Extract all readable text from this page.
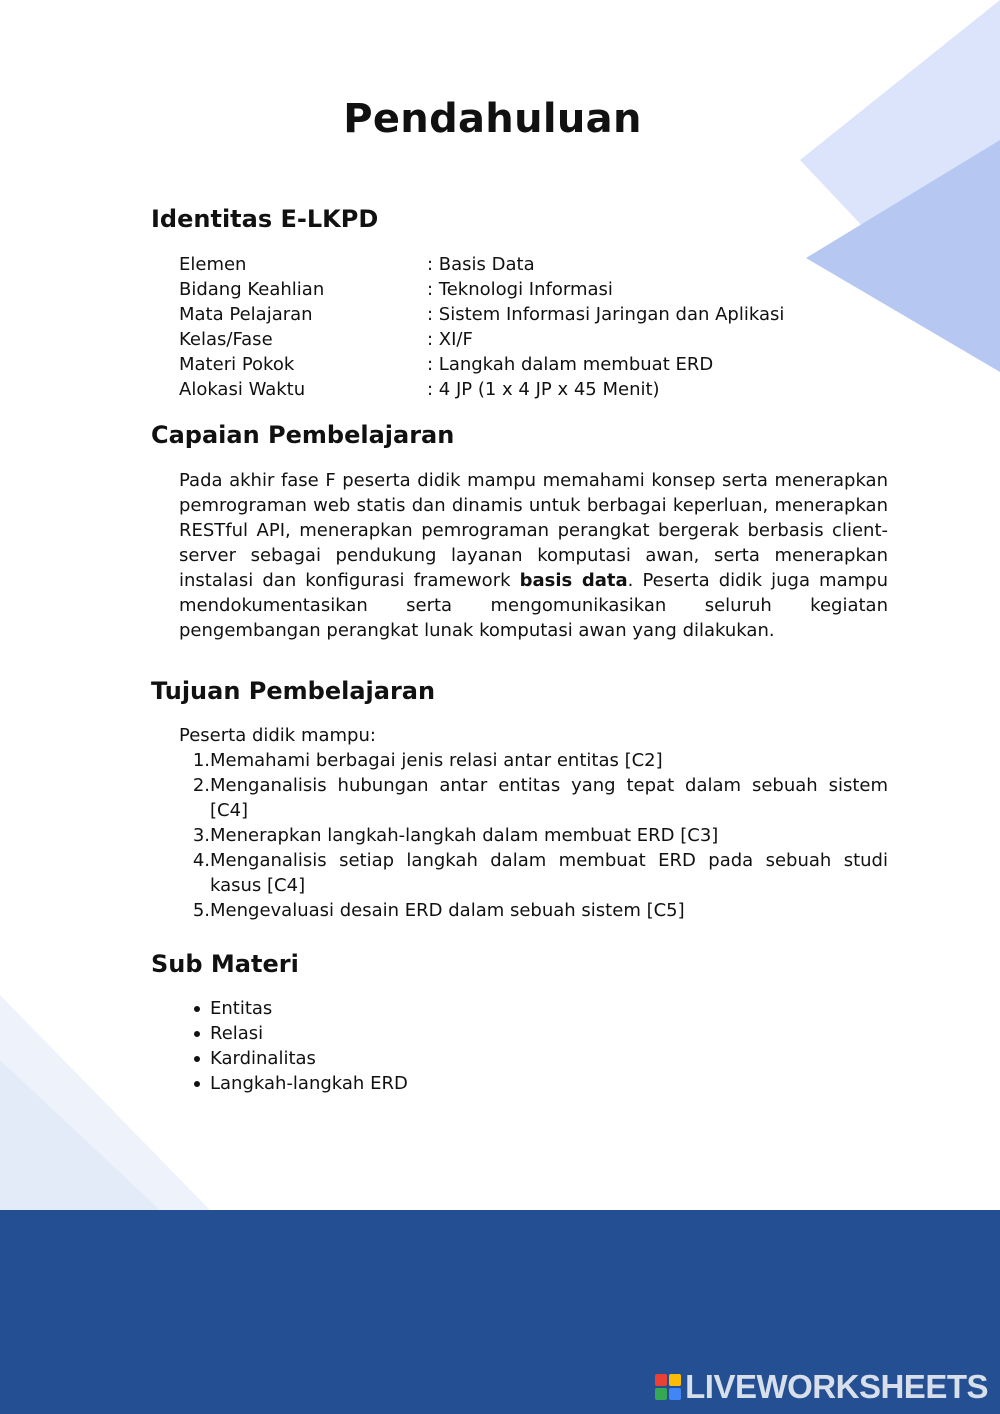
Pendahuluan
Identitas E-LKPD
Elemen	: Basis Data
Bidang Keahlian	: Teknologi Informasi
Mata Pelajaran	: Sistem Informasi Jaringan dan Aplikasi
Kelas/Fase	: XI/F
Materi Pokok	: Langkah dalam membuat ERD
Alokasi Waktu	: 4 JP (1 x 4 JP x 45 Menit)
Capaian Pembelajaran

Pada akhir fase F peserta didik mampu memahami konsep serta menerapkan pemrograman web statis dan dinamis untuk berbagai keperluan, menerapkan RESTful API, menerapkan pemrograman perangkat bergerak berbasis client-server sebagai pendukung layanan komputasi awan, serta menerapkan instalasi dan konfigurasi framework basis data. Peserta didik juga mampu mendokumentasikan serta mengomunikasikan seluruh kegiatan pengembangan perangkat lunak komputasi awan yang dilakukan.

Tujuan Pembelajaran

Peserta didik mampu:

1. Memahami berbagai jenis relasi antar entitas [C2]
2. Menganalisis hubungan antar entitas yang tepat dalam sebuah sistem [C4]
3. Menerapkan langkah-langkah dalam membuat ERD [C3]
4. Menganalisis setiap langkah dalam membuat ERD pada sebuah studi kasus [C4]
5. Mengevaluasi desain ERD dalam sebuah sistem [C5]
Sub Materi
Entitas
Relasi
Kardinalitas
Langkah-langkah ERD
LIVEWORKSHEETS
